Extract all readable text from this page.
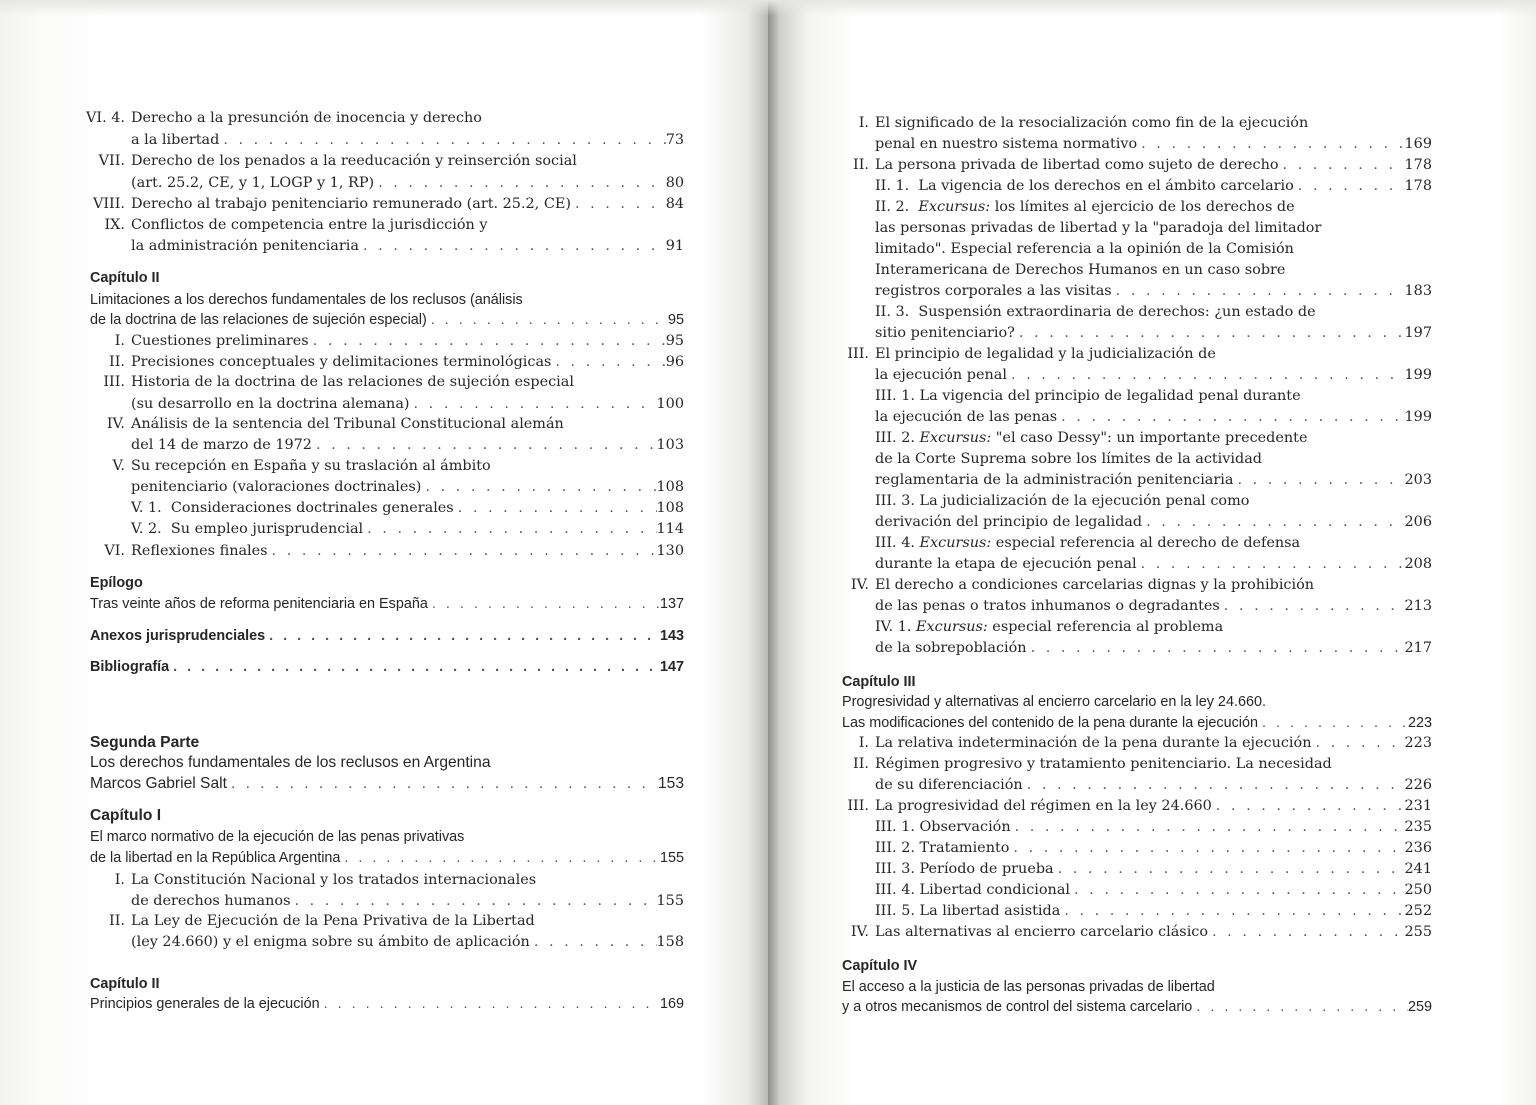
VI. 4. Derecho a la presunción de inocencia y derecho
a la libertad . . .	73
VII. Derecho de los penados a la reeducación y reinserción social
(art. 25.2, CE, y 1, LOGP y 1, RP) . . .	80
VIII. Derecho al trabajo penitenciario remunerado (art. 25.2, CE) . . .	84
IX. Conflictos de competencia entre la jurisdicción y
la administración penitenciaria . . .	91
Capítulo II
Limitaciones a los derechos fundamentales de los reclusos (análisis
de la doctrina de las relaciones de sujeción especial) . . .	95
I. Cuestiones preliminares . . .	95
II. Precisiones conceptuales y delimitaciones terminológicas . . .	96
III. Historia de la doctrina de las relaciones de sujeción especial
(su desarrollo en la doctrina alemana) . . .	100
IV. Análisis de la sentencia del Tribunal Constitucional alemán
del 14 de marzo de 1972 . . .	103
V. Su recepción en España y su traslación al ámbito
penitenciario (valoraciones doctrinales) . . .	108
V. 1.  Consideraciones doctrinales generales . . .	108
V. 2.  Su empleo jurisprudencial . . .	114
VI. Reflexiones finales . . .	130
Epílogo
Tras veinte años de reforma penitenciaria en España . . .	137
Anexos jurisprudenciales . . .	143
Bibliografía . . .	147
Segunda Parte
Los derechos fundamentales de los reclusos en Argentina
Marcos Gabriel Salt . . .	153
Capítulo I
El marco normativo de la ejecución de las penas privativas
de la libertad en la República Argentina . . .	155
I. La Constitución Nacional y los tratados internacionales
de derechos humanos . . .	155
II. La Ley de Ejecución de la Pena Privativa de la Libertad
(ley 24.660) y el enigma sobre su ámbito de aplicación . . .	158
Capítulo II
Principios generales de la ejecución . . .	169
I. El significado de la resocialización como fin de la ejecución
penal en nuestro sistema normativo . . .	169
II. La persona privada de libertad como sujeto de derecho . . .	178
II. 1.  La vigencia de los derechos en el ámbito carcelario . . .	178
II. 2.  Excursus: los límites al ejercicio de los derechos de
las personas privadas de libertad y la "paradoja del limitador
limitado". Especial referencia a la opinión de la Comisión
Interamericana de Derechos Humanos en un caso sobre
registros corporales a las visitas . . .	183
II. 3.  Suspensión extraordinaria de derechos: ¿un estado de
sitio penitenciario? . . .	197
III. El principio de legalidad y la judicialización de
la ejecución penal . . .	199
III. 1. La vigencia del principio de legalidad penal durante
la ejecución de las penas . . .	199
III. 2. Excursus: "el caso Dessy": un importante precedente
de la Corte Suprema sobre los límites de la actividad
reglamentaria de la administración penitenciaria . . .	203
III. 3. La judicialización de la ejecución penal como
derivación del principio de legalidad . . .	206
III. 4. Excursus: especial referencia al derecho de defensa
durante la etapa de ejecución penal . . .	208
IV. El derecho a condiciones carcelarias dignas y la prohibición
de las penas o tratos inhumanos o degradantes . . .	213
IV. 1. Excursus: especial referencia al problema
de la sobrepoblación . . .	217
Capítulo III
Progresividad y alternativas al encierro carcelario en la ley 24.660.
Las modificaciones del contenido de la pena durante la ejecución . . .	223
I. La relativa indeterminación de la pena durante la ejecución . . .	223
II. Régimen progresivo y tratamiento penitenciario. La necesidad
de su diferenciación . . .	226
III. La progresividad del régimen en la ley 24.660 . . .	231
III. 1. Observación . . .	235
III. 2. Tratamiento . . .	236
III. 3. Período de prueba . . .	241
III. 4. Libertad condicional . . .	250
III. 5. La libertad asistida . . .	252
IV. Las alternativas al encierro carcelario clásico . . .	255
Capítulo IV
El acceso a la justicia de las personas privadas de libertad
y a otros mecanismos de control del sistema carcelario . . .	259
